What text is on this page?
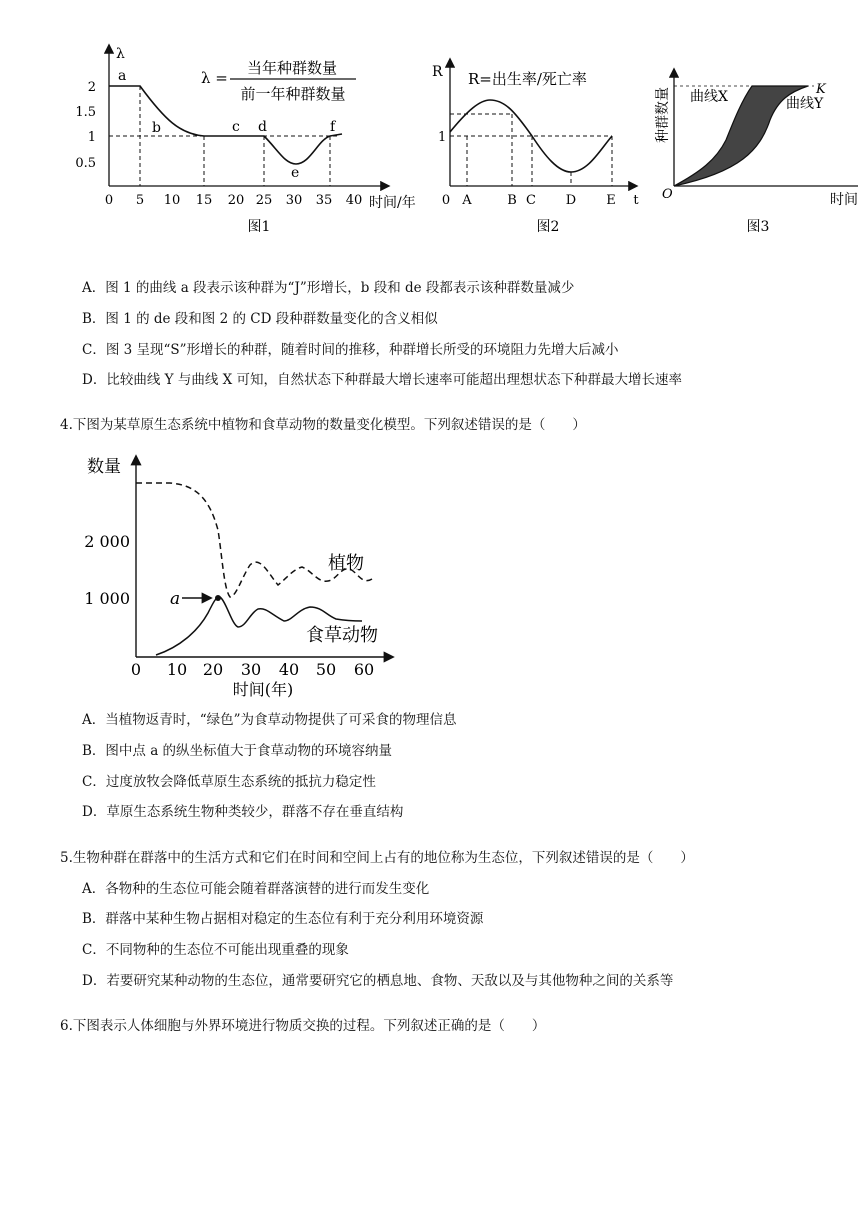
λ
2
1.5
1
0.5
0 5 10 15 20 25 30 35 40 时间/年
a
b	c d
e
f
λ =
当年种群数量
前一年种群数量
图1
R R=出生率/死亡率
1
0 A	B C D E t
图2
种群数量	K
曲线X	曲线Y
O	时间
图3
A．图 1 的曲线 a 段表示该种群为“J”形增长，b 段和 de 段都表示该种群数量减少
B．图 1 的 de 段和图 2 的 CD 段种群数量变化的含义相似
C．图 3 呈现“S”形增长的种群，随着时间的推移，种群增长所受的环境阻力先增大后减小
D．比较曲线 Y 与曲线 X 可知，自然状态下种群最大增长速率可能超出理想状态下种群最大增长速率
4.下图为某草原生态系统中植物和食草动物的数量变化模型。下列叙述错误的是（　　）
数量
2 000
1 000
0 10 20 30 40 50 60
时间(年)
植物
a
食草动物
A．当植物返青时，“绿色”为食草动物提供了可采食的物理信息
B．图中点 a 的纵坐标值大于食草动物的环境容纳量
C．过度放牧会降低草原生态系统的抵抗力稳定性
D．草原生态系统生物种类较少，群落不存在垂直结构
5.生物种群在群落中的生活方式和它们在时间和空间上占有的地位称为生态位，下列叙述错误的是（　　）
A．各物种的生态位可能会随着群落演替的进行而发生变化
B．群落中某种生物占据相对稳定的生态位有利于充分利用环境资源
C．不同物种的生态位不可能出现重叠的现象
D．若要研究某种动物的生态位，通常要研究它的栖息地、食物、天敌以及与其他物种之间的关系等
6.下图表示人体细胞与外界环境进行物质交换的过程。下列叙述正确的是（　　）
